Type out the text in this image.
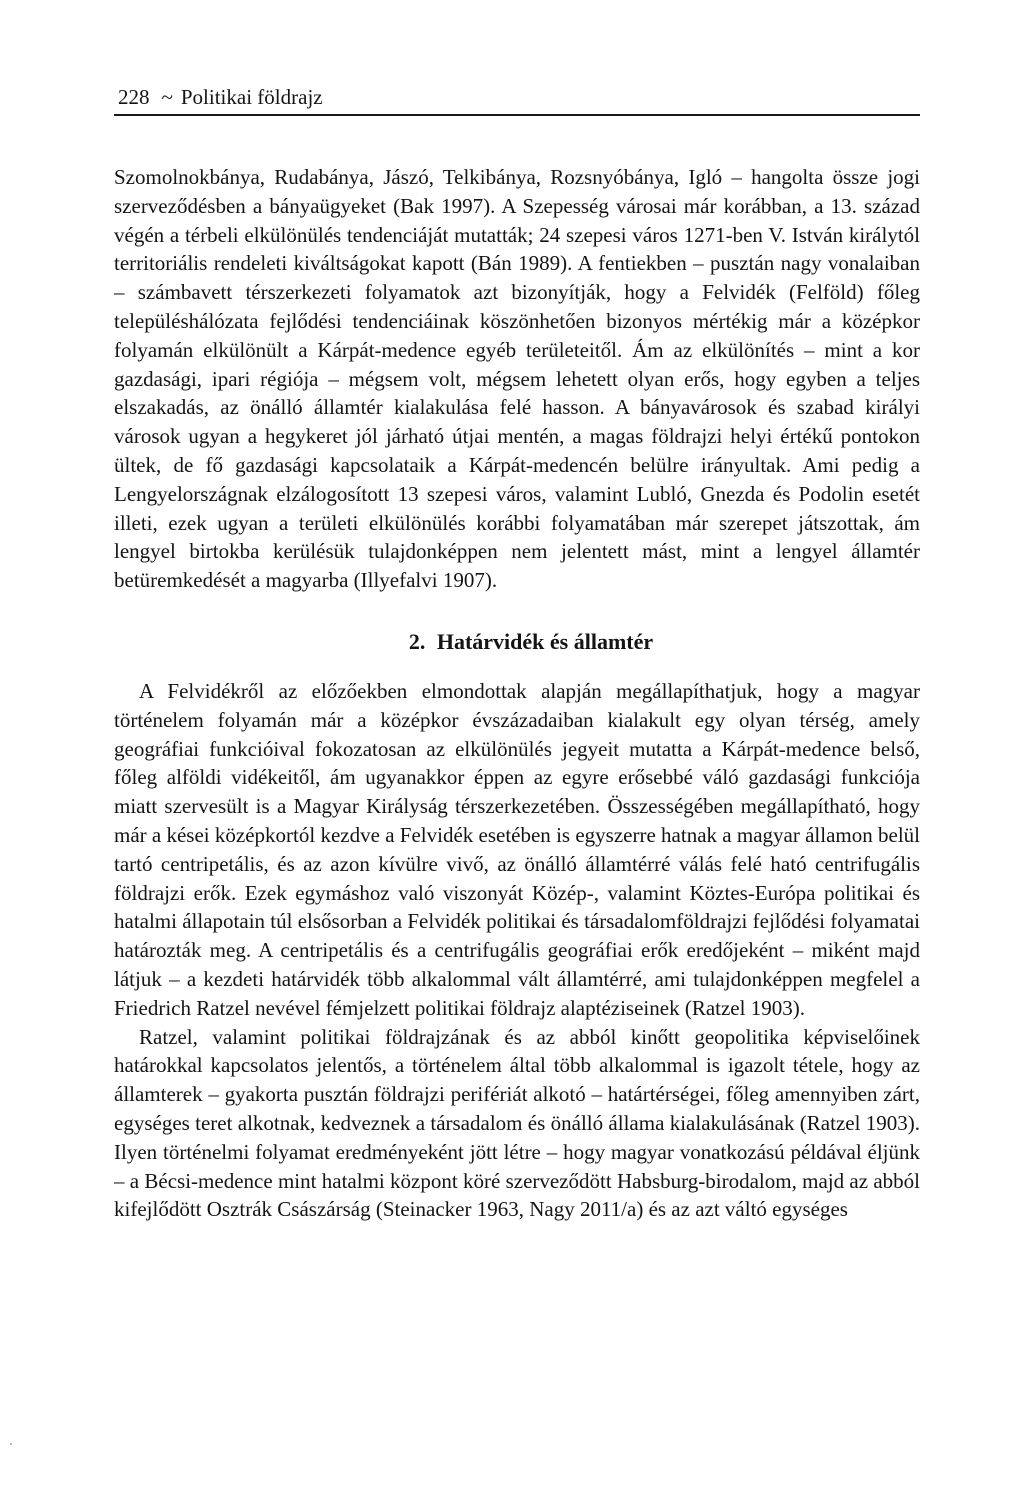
228 ~ Politikai földrajz

Szomolnokbánya, Rudabánya, Jászó, Telkibánya, Rozsnyóbánya, Igló – hangolta össze jogi szerveződésben a bányaügyeket (Bak 1997). A Szepesség városai már korábban, a 13. század végén a térbeli elkülönülés tendenciáját mutatták; 24 szepesi város 1271-ben V. István királytól territoriális rendeleti kiváltságokat kapott (Bán 1989). A fentiekben – pusztán nagy vonalaiban – számbavett térszerkezeti folyamatok azt bizonyítják, hogy a Felvidék (Felföld) főleg településhálózata fejlődési tendenciáinak köszönhetően bizonyos mértékig már a középkor folyamán elkülönült a Kárpát-medence egyéb területeitől. Ám az elkülönítés – mint a kor gazdasági, ipari régiója – mégsem volt, mégsem lehetett olyan erős, hogy egyben a teljes elszakadás, az önálló államtér kialakulása felé hasson. A bányavárosok és szabad királyi városok ugyan a hegykeret jól járható útjai mentén, a magas földrajzi helyi értékű pontokon ültek, de fő gazdasági kapcsolataik a Kárpát-medencén belülre irányultak. Ami pedig a Lengyelországnak elzálogosított 13 szepesi város, valamint Lubló, Gnezda és Podolin esetét illeti, ezek ugyan a területi elkülönülés korábbi folyamatában már szerepet játszottak, ám lengyel birtokba kerülésük tulajdonképpen nem jelentett mást, mint a lengyel államtér betüremkedését a magyarba (Illyefalvi 1907).

2. Határvidék és államtér

A Felvidékről az előzőekben elmondottak alapján megállapíthatjuk, hogy a magyar történelem folyamán már a középkor évszázadaiban kialakult egy olyan térség, amely geográfiai funkcióival fokozatosan az elkülönülés jegyeit mutatta a Kárpát-medence belső, főleg alföldi vidékeitől, ám ugyanakkor éppen az egyre erősebbé váló gazdasági funkciója miatt szervesült is a Magyar Királyság térszerkezetében. Összességében megállapítható, hogy már a kései középkortól kezdve a Felvidék esetében is egyszerre hatnak a magyar államon belül tartó centripetális, és az azon kívülre vivő, az önálló államtérré válás felé ható centrifugális földrajzi erők. Ezek egymáshoz való viszonyát Közép-, valamint Köztes-Európa politikai és hatalmi állapotain túl elsősorban a Felvidék politikai és társadalomföldrajzi fejlődési folyamatai határozták meg. A centripetális és a centrifugális geográfiai erők eredőjeként – miként majd látjuk – a kezdeti határvidék több alkalommal vált államtérré, ami tulajdonképpen megfelel a Friedrich Ratzel nevével fémjelzett politikai földrajz alaptéziseinek (Ratzel 1903).

Ratzel, valamint politikai földrajzának és az abból kinőtt geopolitika képviselőinek határokkal kapcsolatos jelentős, a történelem által több alkalommal is igazolt tétele, hogy az államterek – gyakorta pusztán földrajzi perifériát alkotó – határtérségei, főleg amennyiben zárt, egységes teret alkotnak, kedveznek a társadalom és önálló állama kialakulásának (Ratzel 1903). Ilyen történelmi folyamat eredményeként jött létre – hogy magyar vonatkozású példával éljünk – a Bécsi-medence mint hatalmi központ köré szerveződött Habsburg-birodalom, majd az abból kifejlődött Osztrák Császárság (Steinacker 1963, Nagy 2011/a) és az azt váltó egységes
